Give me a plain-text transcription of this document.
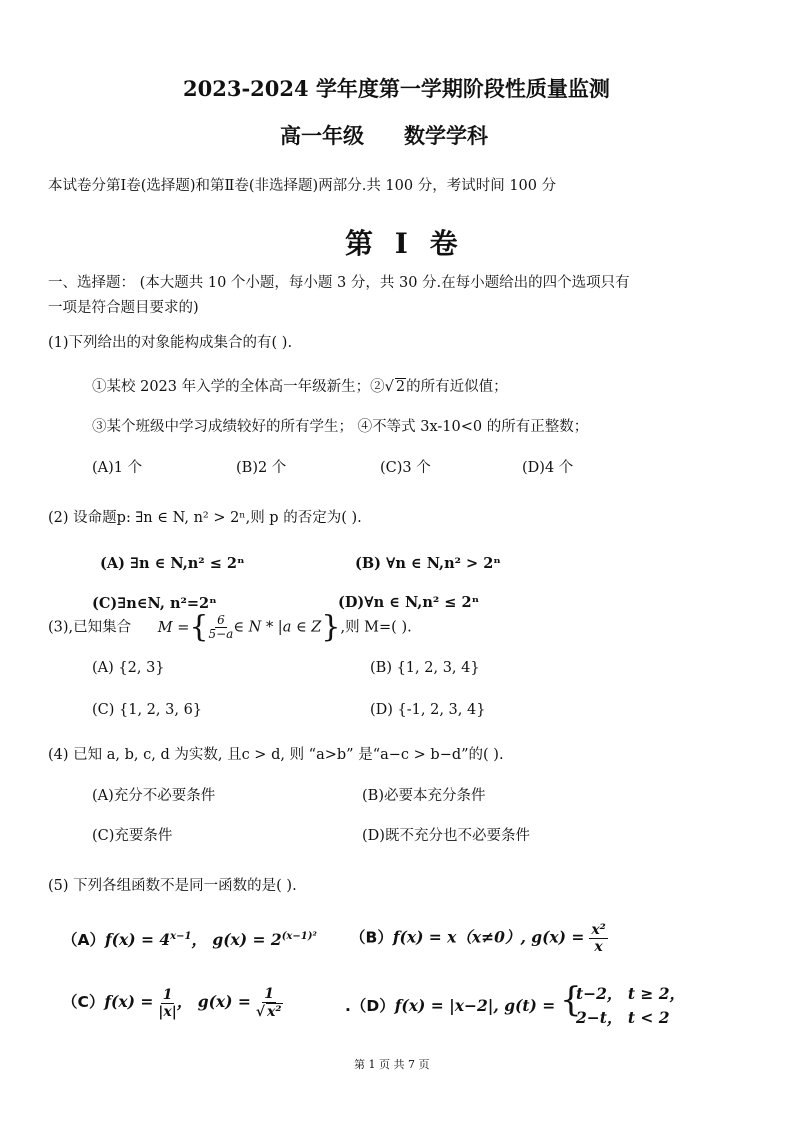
2023-2024 学年度第一学期阶段性质量监测
高一年级 数学学科
本试卷分第Ⅰ卷(选择题)和第Ⅱ卷(非选择题)两部分.共 100 分，考试时间 100 分
第 Ⅰ 卷
一、选择题： (本大题共 10 个小题，每小题 3 分，共 30 分.在每小题给出的四个选项只有
一项是符合题目要求的)
(1)下列给出的对象能构成集合的有( ).
①某校 2023 年入学的全体高一年级新生；②√ 2的所有近似值；
③某个班级中学习成绩较好的所有学生； ④不等式 3x-10<0 的所有正整数；
(A)1 个	(B)2 个	(C)3 个	(D)4 个
(2) 设命题p: ∃n ∈ N, n² > 2ⁿ,则 p 的否定为( ).
(A) ∃n ∈ N,n² ≤ 2ⁿ	(B) ∀n ∈ N,n² > 2ⁿ
(C)∃n∈N, n²=2ⁿ	(D)∀n ∈ N,n² ≤ 2ⁿ
(3),已知集合 M ={ $\frac{6}{5-a}$ ∈ N * |a ∈ Z},则 M=( ).
(A) {2, 3}	(B) {1, 2, 3, 4}
(C) {1, 2, 3, 6}	(D) {-1, 2, 3, 4}
(4) 已知 a, b, c, d 为实数, 且c > d, 则 “a>b” 是“a−c > b−d”的( ).
(A)充分不必要条件	(B)必要本充分条件
(C)充要条件	(D)既不充分也不必要条件
(5) 下列各组函数不是同一函数的是( ).
$(A)f(x) = 4^{x-1}$， $g(x) = 2^{(x-1)^2}$ （B）f(x) = x（x≠0）, $g(x) = \frac{\text{x²}}{x}$
$(C)f(x) = \frac{1}{|x|}$ ， $g(x) = \frac{1}{\text{√ x²}}$	.（D）f(x) = |x−2|, g(t) = {
t−2， t ≥ 2，
2−t， t < 2
第 1 页 共 7 页
